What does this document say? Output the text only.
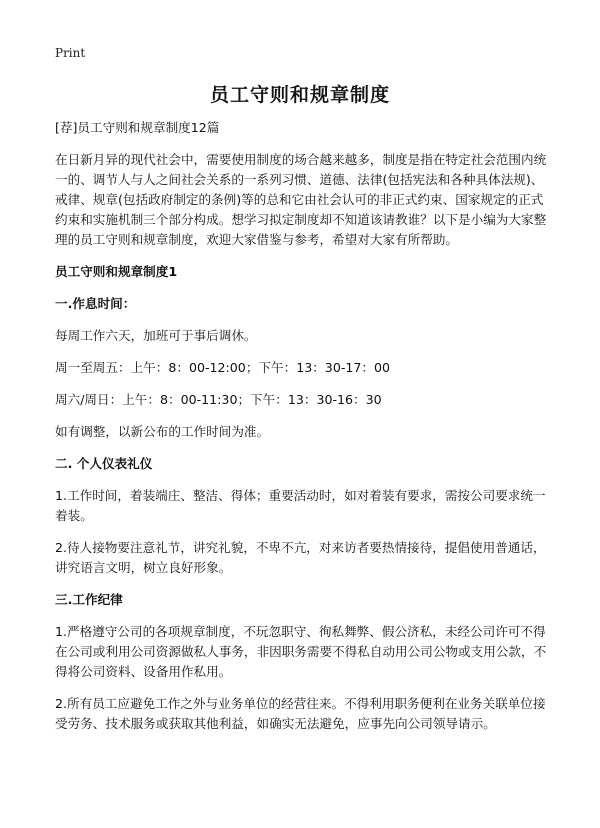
Print
员工守则和规章制度
[荐]员工守则和规章制度12篇
在日新月异的现代社会中，需要使用制度的场合越来越多，制度是指在特定社会范围内统一的、调节人与人之间社会关系的一系列习惯、道德、法律(包括宪法和各种具体法规)、戒律、规章(包括政府制定的条例)等的总和它由社会认可的非正式约束、国家规定的正式约束和实施机制三个部分构成。想学习拟定制度却不知道该请教谁？以下是小编为大家整理的员工守则和规章制度，欢迎大家借鉴与参考，希望对大家有所帮助。
员工守则和规章制度1
一.作息时间：
每周工作六天，加班可于事后调休。
周一至周五：上午：8：00-12:00；下午：13：30-17：00
周六/周日：上午：8：00-11:30；下午：13：30-16：30
如有调整，以新公布的工作时间为准。
二. 个人仪表礼仪
1.工作时间，着装端庄、整洁、得体；重要活动时，如对着装有要求，需按公司要求统一着装。
2.待人接物要注意礼节，讲究礼貌，不卑不亢，对来访者要热情接待，提倡使用普通话，讲究语言文明，树立良好形象。
三.工作纪律
1.严格遵守公司的各项规章制度，不玩忽职守、徇私舞弊、假公济私，未经公司许可不得在公司或利用公司资源做私人事务，非因职务需要不得私自动用公司公物或支用公款，不得将公司资料、设备用作私用。
2.所有员工应避免工作之外与业务单位的经营往来。不得利用职务便利在业务关联单位接受劳务、技术服务或获取其他利益，如确实无法避免，应事先向公司领导请示。
